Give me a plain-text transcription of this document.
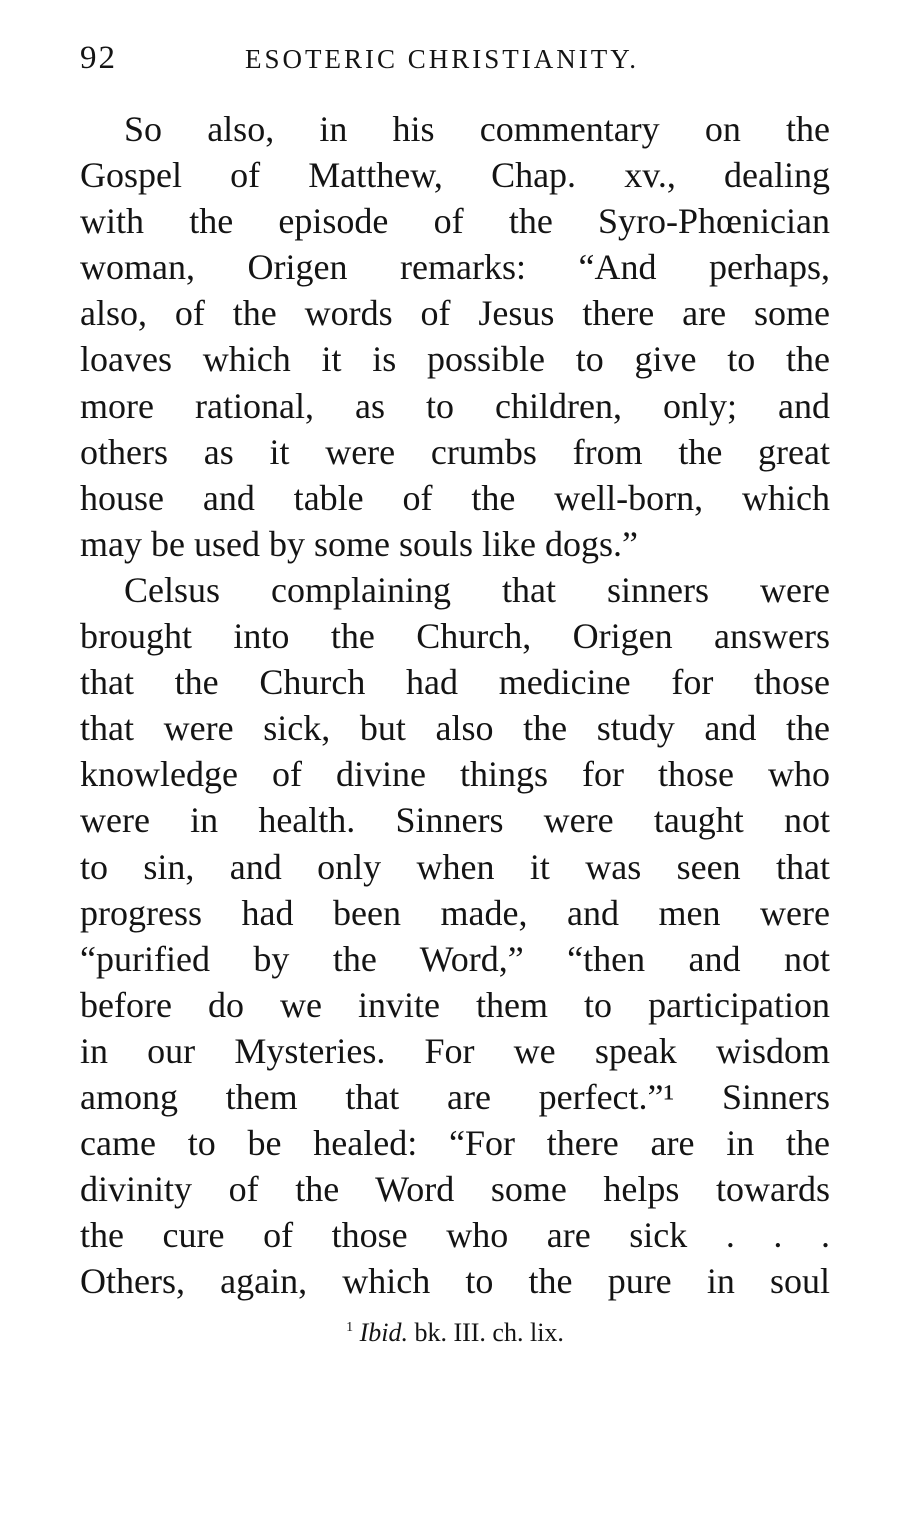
92	ESOTERIC CHRISTIANITY.
So also, in his commentary on the
Gospel of Matthew, Chap. xv., dealing
with the episode of the Syro-Phœnician
woman, Origen remarks: “And perhaps,
also, of the words of Jesus there are some
loaves which it is possible to give to the
more rational, as to children, only; and
others as it were crumbs from the great
house and table of the well-born, which
may be used by some souls like dogs.”
Celsus complaining that sinners were
brought into the Church, Origen answers
that the Church had medicine for those
that were sick, but also the study and the
knowledge of divine things for those who
were in health. Sinners were taught not
to sin, and only when it was seen that
progress had been made, and men were
“purified by the Word,” “then and not
before do we invite them to participation
in our Mysteries. For we speak wisdom
among them that are perfect.”¹ Sinners
came to be healed: “For there are in the
divinity of the Word some helps towards
the cure of those who are sick . . .
Others, again, which to the pure in soul
$^1$ Ibid. bk. III. ch. lix.
